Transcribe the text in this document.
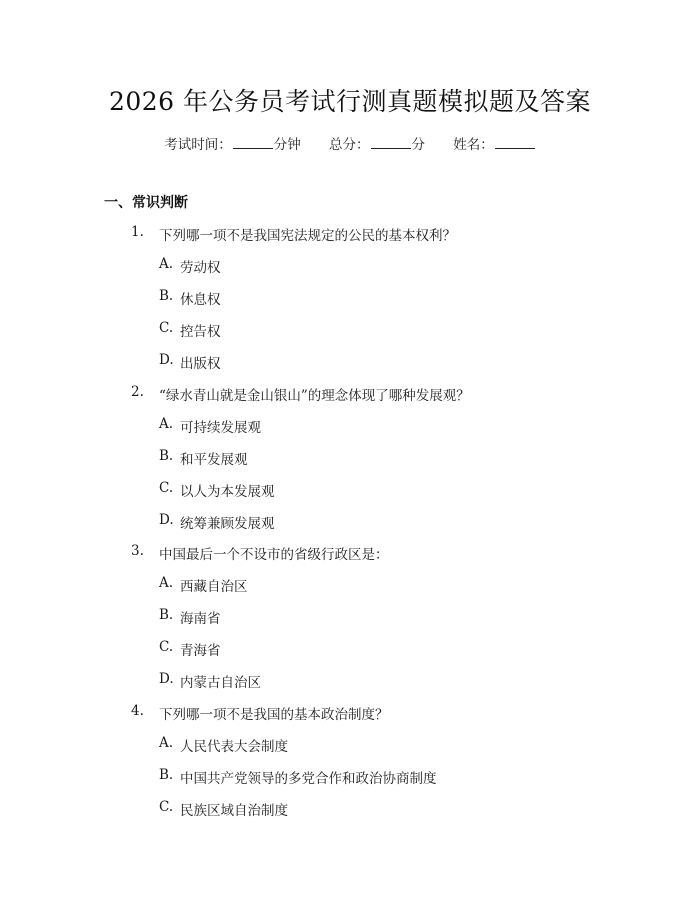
2026 年公务员考试行测真题模拟题及答案
考试时间：	分钟 总分：	分 姓名：
一、常识判断
1. 下列哪一项不是我国宪法规定的公民的基本权利？
A. 劳动权
B. 休息权
C. 控告权
D. 出版权
2. “绿水青山就是金山银山”的理念体现了哪种发展观？
A. 可持续发展观
B. 和平发展观
C. 以人为本发展观
D. 统筹兼顾发展观
3. 中国最后一个不设市的省级行政区是：
A. 西藏自治区
B. 海南省
C. 青海省
D. 内蒙古自治区
4. 下列哪一项不是我国的基本政治制度？
A. 人民代表大会制度
B. 中国共产党领导的多党合作和政治协商制度
C. 民族区域自治制度
